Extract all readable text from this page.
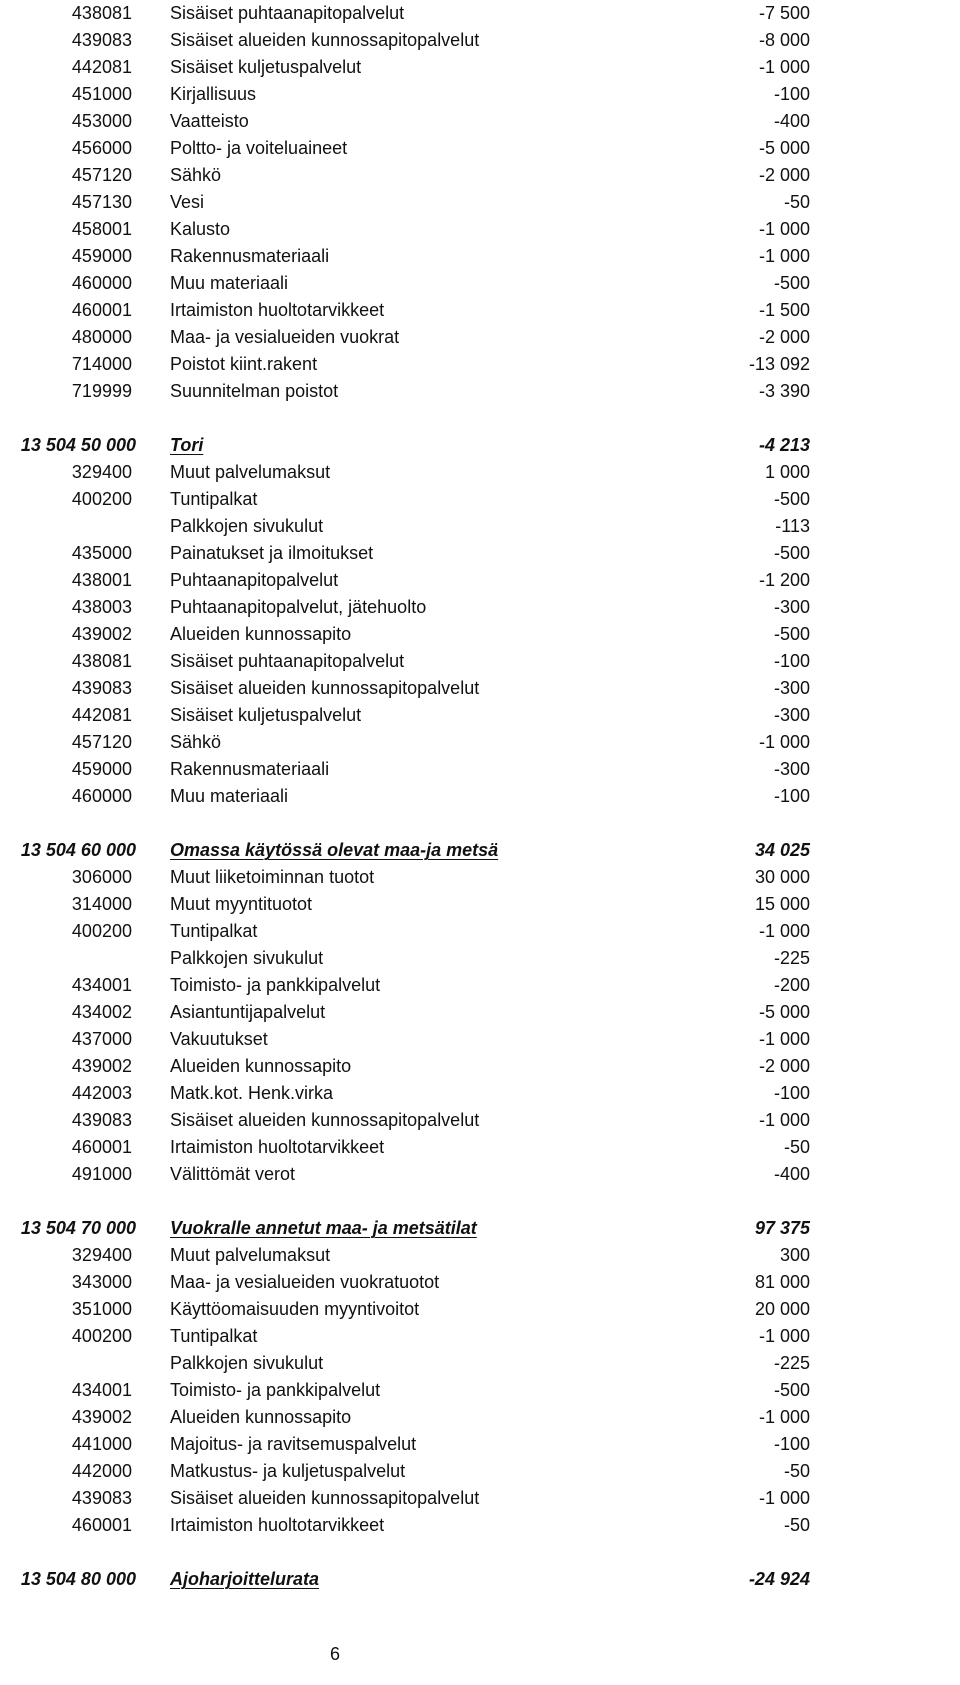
438081 Sisäiset puhtaanapitopalvelut	-7 500
439083 Sisäiset alueiden kunnossapitopalvelut	-8 000
442081 Sisäiset kuljetuspalvelut	-1 000
451000 Kirjallisuus	-100
453000 Vaatteisto	-400
456000 Poltto- ja voiteluaineet	-5 000
457120 Sähkö	-2 000
457130 Vesi	-50
458001 Kalusto	-1 000
459000 Rakennusmateriaali	-1 000
460000 Muu materiaali	-500
460001 Irtaimiston huoltotarvikkeet	-1 500
480000 Maa- ja vesialueiden vuokrat	-2 000
714000 Poistot kiint.rakent	-13 092
719999 Suunnitelman poistot	-3 390
13 504 50 000 Tori	-4 213
329400 Muut palvelumaksut	1 000
400200 Tuntipalkat	-500
Palkkojen sivukulut	-113
435000 Painatukset ja ilmoitukset	-500
438001 Puhtaanapitopalvelut	-1 200
438003 Puhtaanapitopalvelut, jätehuolto	-300
439002 Alueiden kunnossapito	-500
438081 Sisäiset puhtaanapitopalvelut	-100
439083 Sisäiset alueiden kunnossapitopalvelut	-300
442081 Sisäiset kuljetuspalvelut	-300
457120 Sähkö	-1 000
459000 Rakennusmateriaali	-300
460000 Muu materiaali	-100
13 504 60 000 Omassa käytössä olevat maa-ja metsä	34 025
306000 Muut liiketoiminnan tuotot	30 000
314000 Muut myyntituotot	15 000
400200 Tuntipalkat	-1 000
Palkkojen sivukulut	-225
434001 Toimisto- ja pankkipalvelut	-200
434002 Asiantuntijapalvelut	-5 000
437000 Vakuutukset	-1 000
439002 Alueiden kunnossapito	-2 000
442003 Matk.kot. Henk.virka	-100
439083 Sisäiset alueiden kunnossapitopalvelut	-1 000
460001 Irtaimiston huoltotarvikkeet	-50
491000 Välittömät verot	-400
13 504 70 000 Vuokralle annetut maa- ja metsätilat	97 375
329400 Muut palvelumaksut	300
343000 Maa- ja vesialueiden vuokratuotot	81 000
351000 Käyttöomaisuuden myyntivoitot	20 000
400200 Tuntipalkat	-1 000
Palkkojen sivukulut	-225
434001 Toimisto- ja pankkipalvelut	-500
439002 Alueiden kunnossapito	-1 000
441000 Majoitus- ja ravitsemuspalvelut	-100
442000 Matkustus- ja kuljetuspalvelut	-50
439083 Sisäiset alueiden kunnossapitopalvelut	-1 000
460001 Irtaimiston huoltotarvikkeet	-50
13 504 80 000 Ajoharjoittelurata	-24 924
6
